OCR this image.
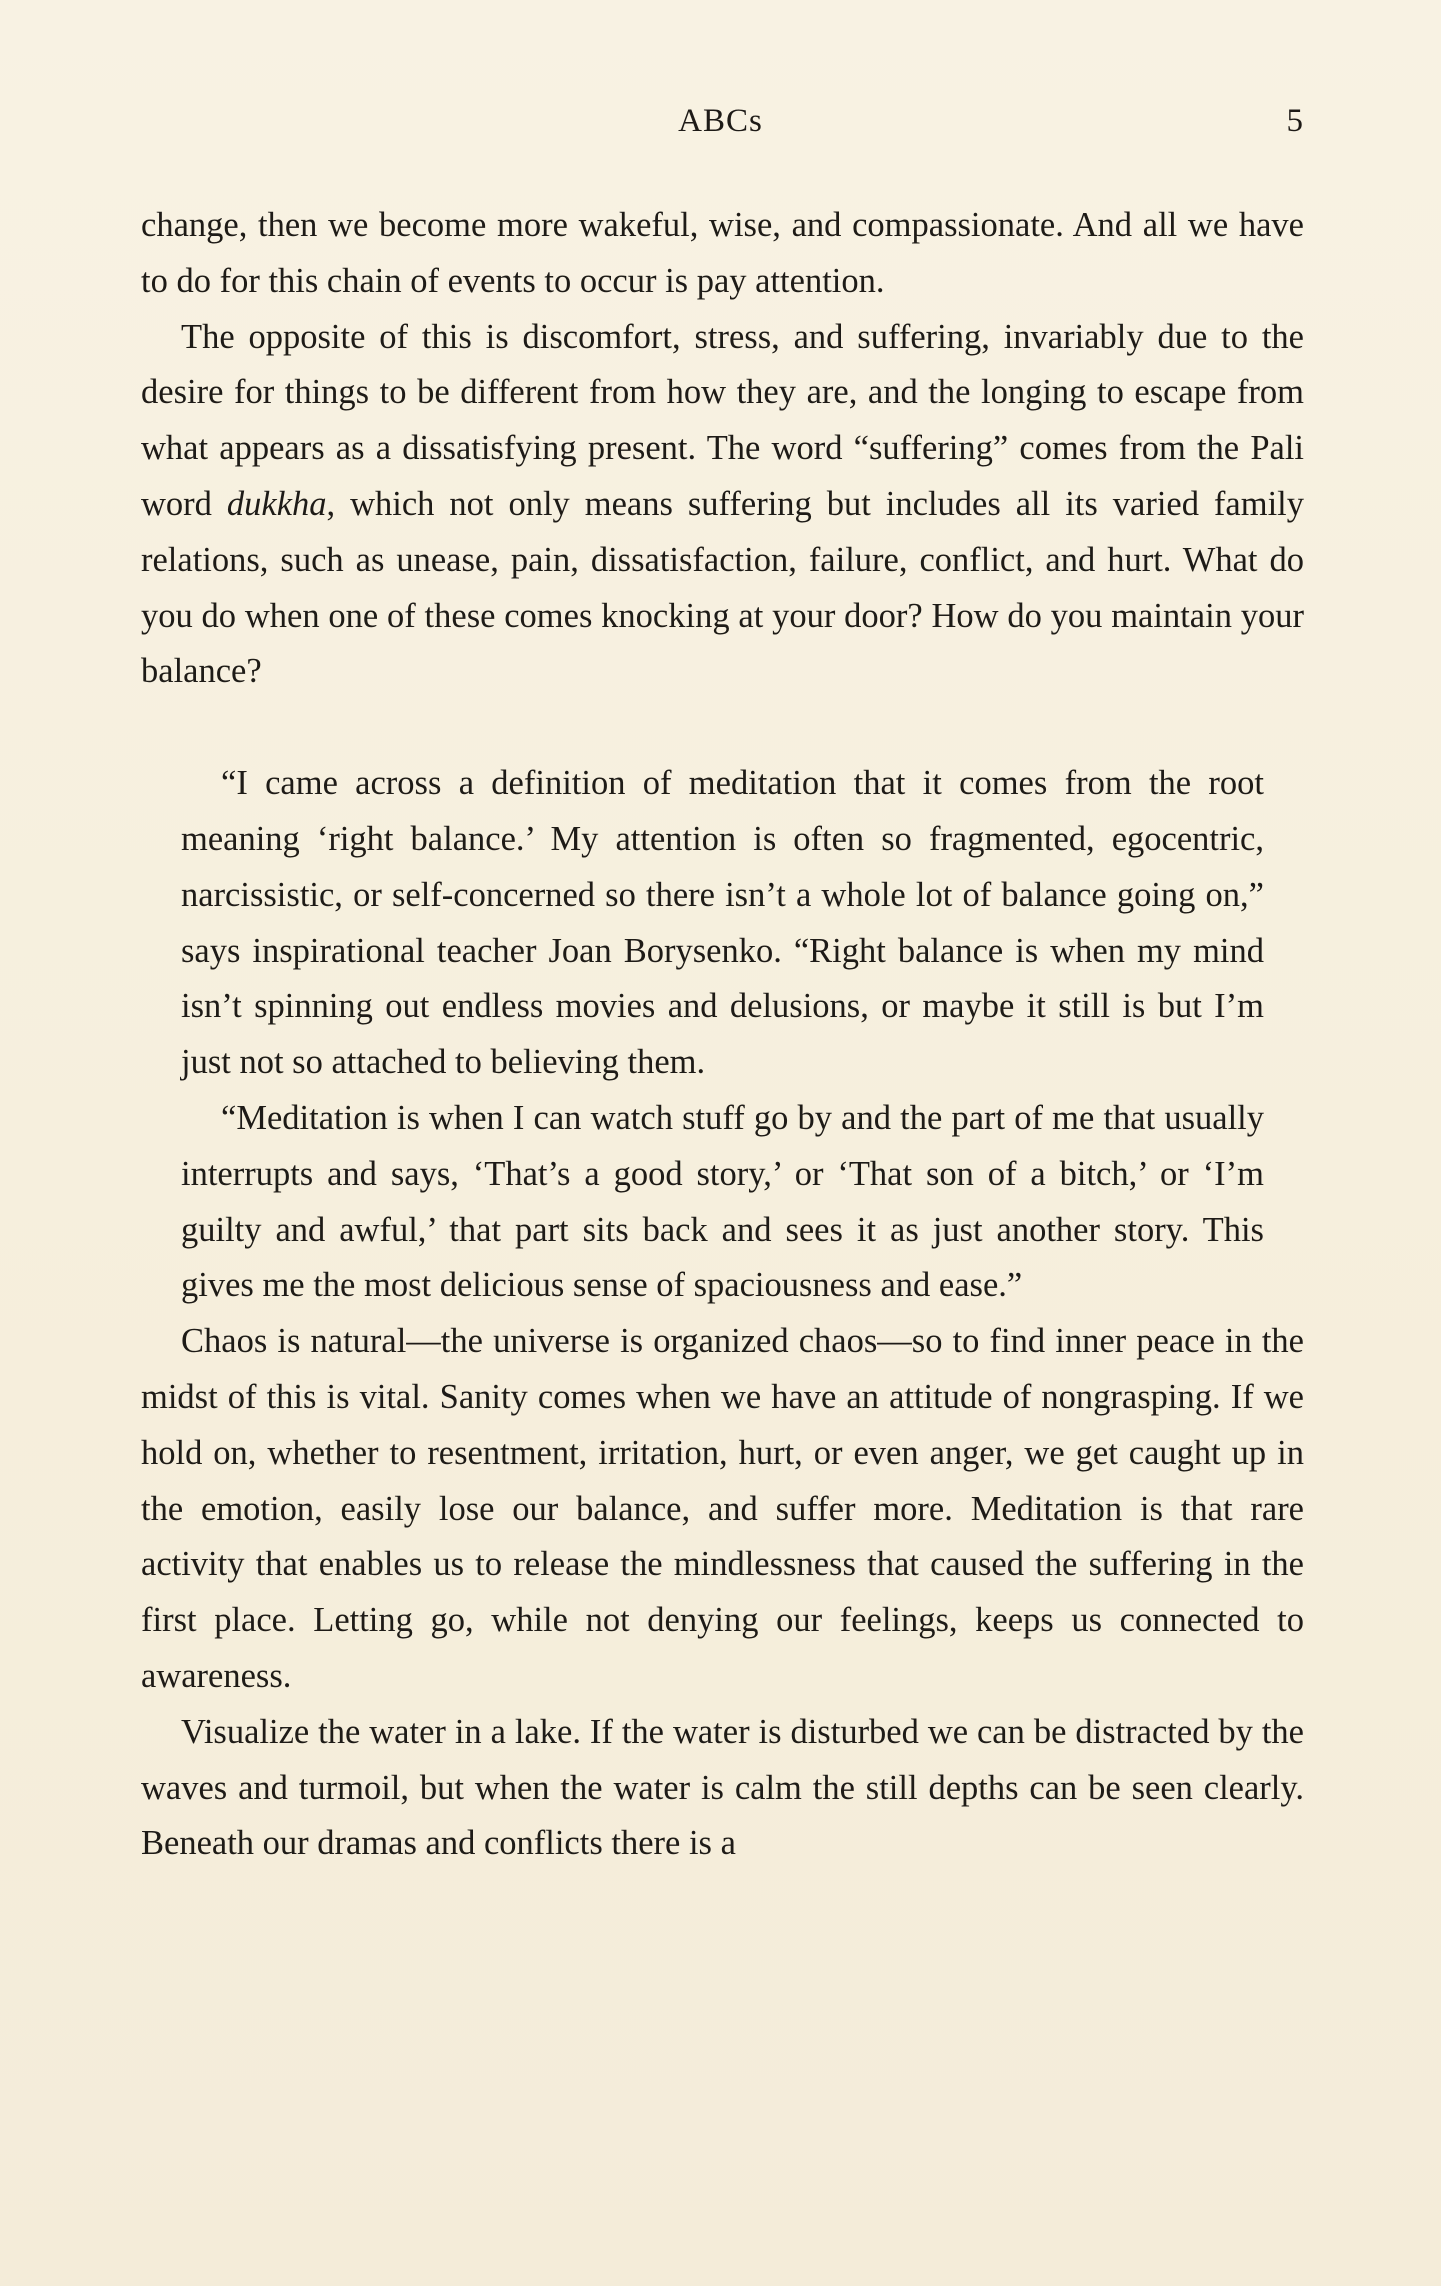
ABCs	5

change, then we become more wakeful, wise, and compassionate. And all we have to do for this chain of events to occur is pay attention.

The opposite of this is discomfort, stress, and suffering, invariably due to the desire for things to be different from how they are, and the longing to escape from what appears as a dissatisfying present. The word “suffering” comes from the Pali word dukkha, which not only means suffering but includes all its varied family relations, such as unease, pain, dissatisfaction, failure, conflict, and hurt. What do you do when one of these comes knocking at your door? How do you maintain your balance?

“I came across a definition of meditation that it comes from the root meaning ‘right balance.’ My attention is often so fragmented, egocentric, narcissistic, or self-concerned so there isn’t a whole lot of balance going on,” says inspirational teacher Joan Borysenko. “Right balance is when my mind isn’t spinning out endless movies and delusions, or maybe it still is but I’m just not so attached to believing them.

“Meditation is when I can watch stuff go by and the part of me that usually interrupts and says, ‘That’s a good story,’ or ‘That son of a bitch,’ or ‘I’m guilty and awful,’ that part sits back and sees it as just another story. This gives me the most delicious sense of spaciousness and ease.”

Chaos is natural—the universe is organized chaos—so to find inner peace in the midst of this is vital. Sanity comes when we have an attitude of nongrasping. If we hold on, whether to resentment, irritation, hurt, or even anger, we get caught up in the emotion, easily lose our balance, and suffer more. Meditation is that rare activity that enables us to release the mindlessness that caused the suffering in the first place. Letting go, while not denying our feelings, keeps us connected to awareness.

Visualize the water in a lake. If the water is disturbed we can be distracted by the waves and turmoil, but when the water is calm the still depths can be seen clearly. Beneath our dramas and conflicts there is a
